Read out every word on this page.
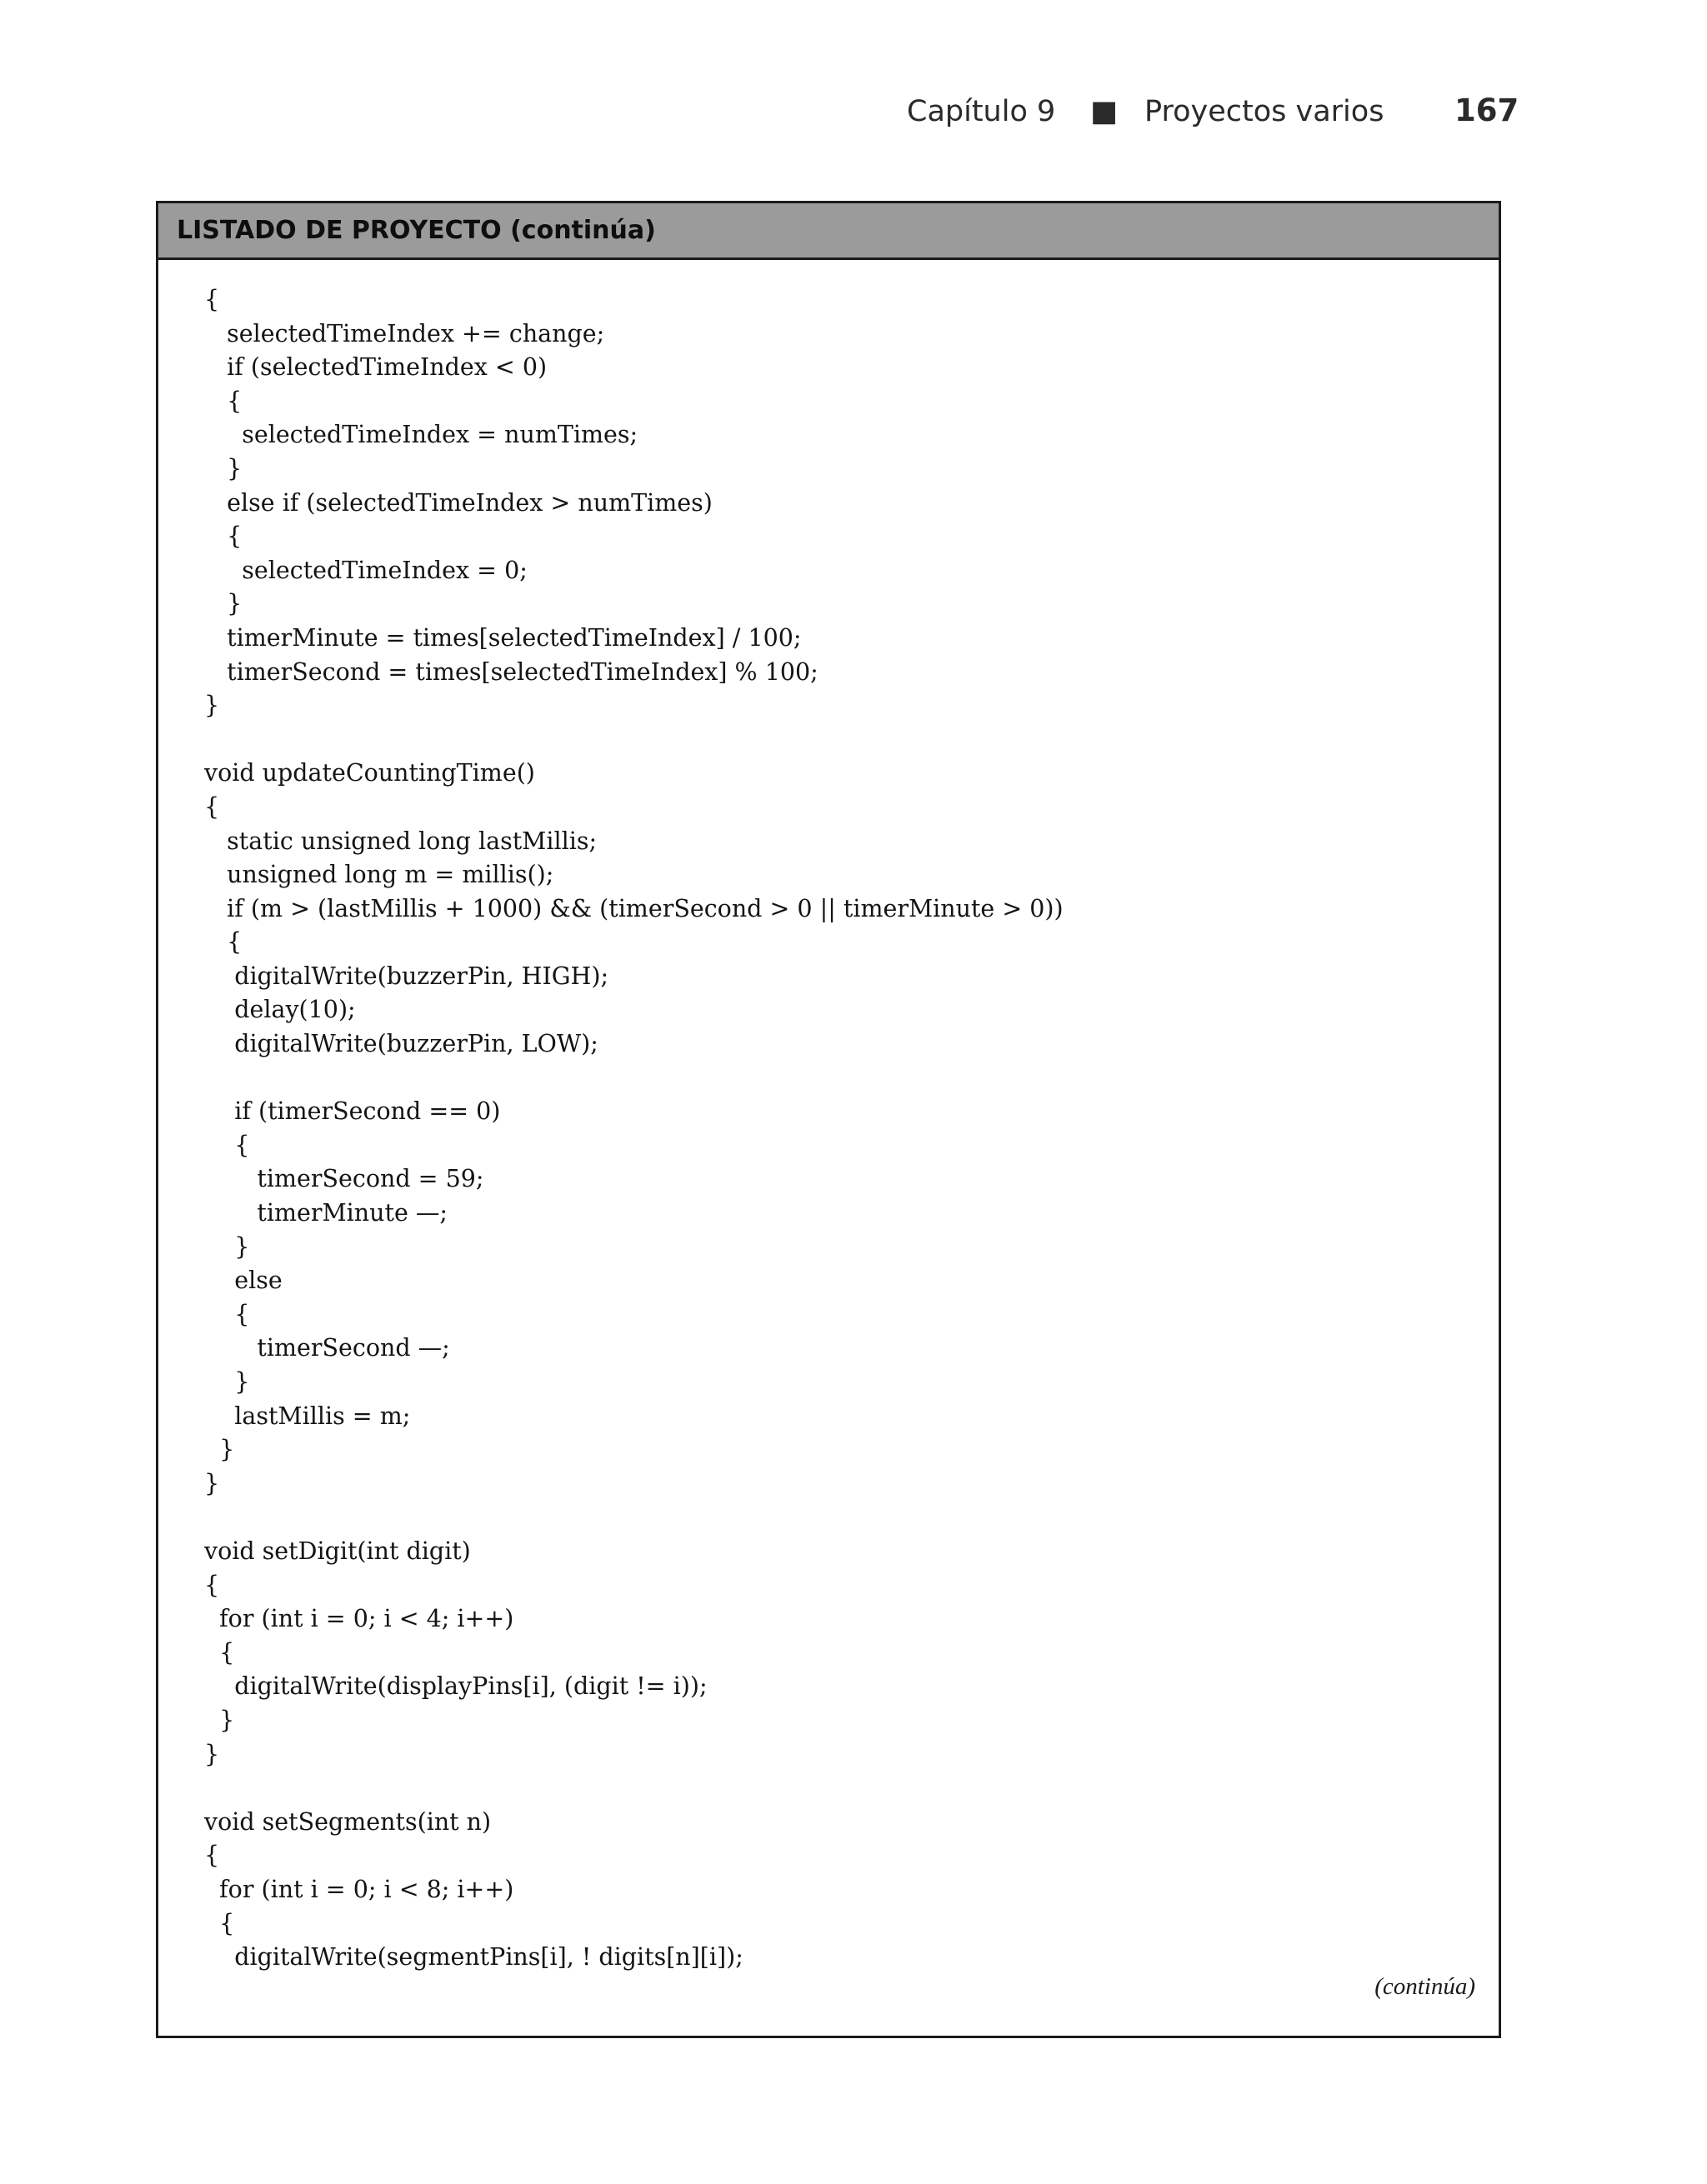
Capítulo 9 ■ Proyectos varios 167
LISTADO DE PROYECTO (continúa)
{
selectedTimeIndex += change;
if (selectedTimeIndex < 0)
{
selectedTimeIndex = numTimes;
}
else if (selectedTimeIndex > numTimes)
{
selectedTimeIndex = 0;
}
timerMinute = times[selectedTimeIndex] / 100;
timerSecond = times[selectedTimeIndex] % 100;
}
void updateCountingTime()
{
static unsigned long lastMillis;
unsigned long m = millis();
if (m > (lastMillis + 1000) && (timerSecond > 0 || timerMinute > 0))
{
digitalWrite(buzzerPin, HIGH);
delay(10);
digitalWrite(buzzerPin, LOW);
if (timerSecond == 0)
{
timerSecond = 59;
timerMinute —;
}
else
{
timerSecond —;
}
lastMillis = m;
}
}
void setDigit(int digit)
{
for (int i = 0; i < 4; i++)
{
digitalWrite(displayPins[i], (digit != i));
}
}
void setSegments(int n)
{
for (int i = 0; i < 8; i++)
{
digitalWrite(segmentPins[i], ! digits[n][i]);
(continúa)
